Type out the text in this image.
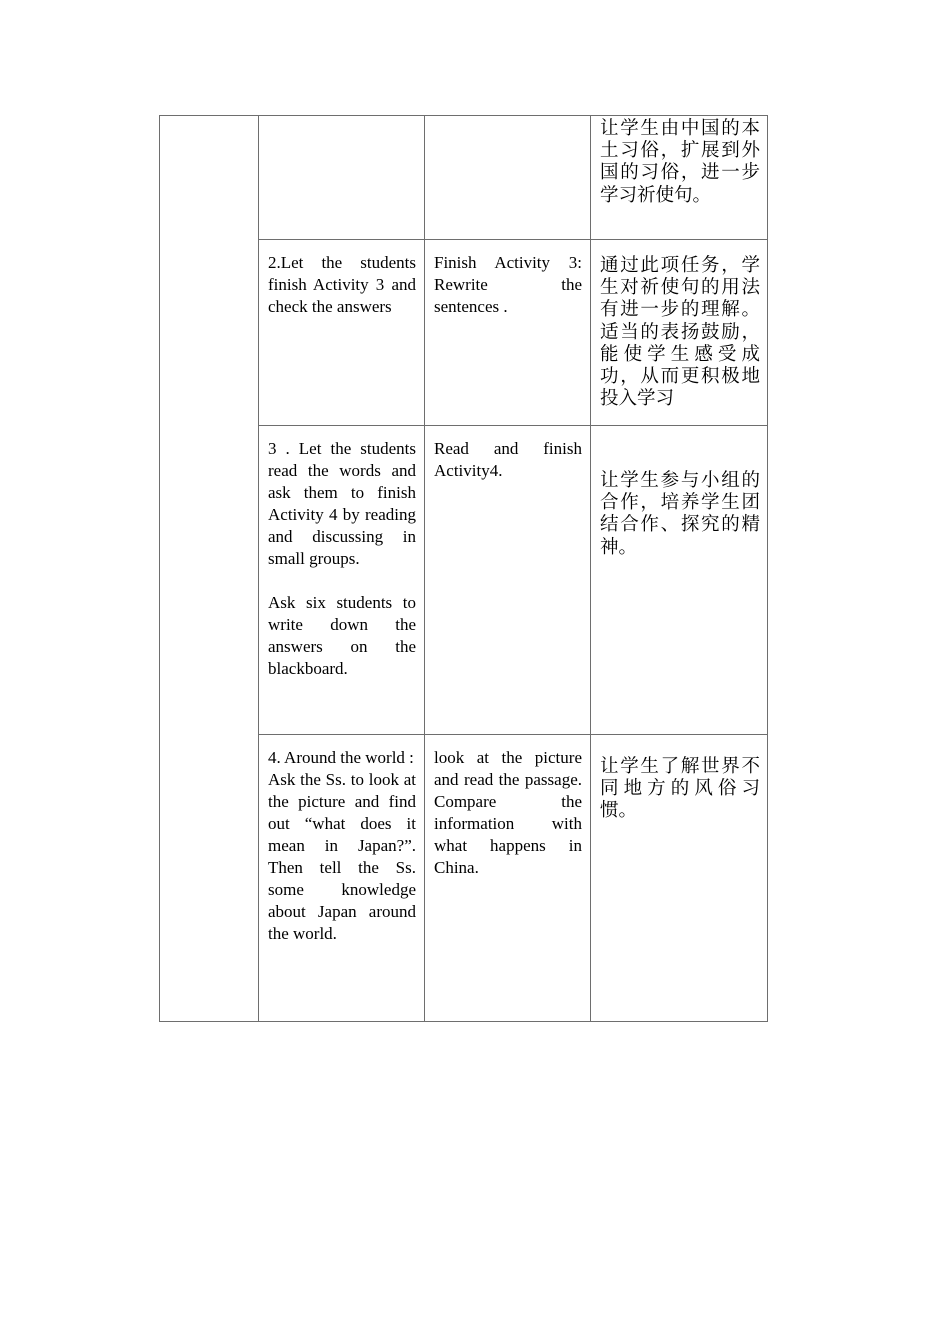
			让学生由中国的本土习俗，扩展到外国的习俗，进一步学习祈使句。

	2.Let the students finish Activity 3 and check the answers	Finish Activity 3: Rewrite the sentences .	通过此项任务，学生对祈使句的用法有进一步的理解。适当的表扬鼓励，能使学生感受成功，从而更积极地投入学习

	3 . Let the students read the words and ask them to finish Activity 4 by reading and discussing in small groups.
Ask six students to write down the answers on the blackboard.	Read and finish Activity4.	让学生参与小组的合作，培养学生团结合作、探究的精神。

	4. Around the world :
Ask the Ss. to look at the picture and find out “what does it mean in Japan?”. Then tell the Ss. some knowledge about Japan around the world.	look at the picture and read the passage. Compare the information with what happens in China.	让学生了解世界不同地方的风俗习惯。
